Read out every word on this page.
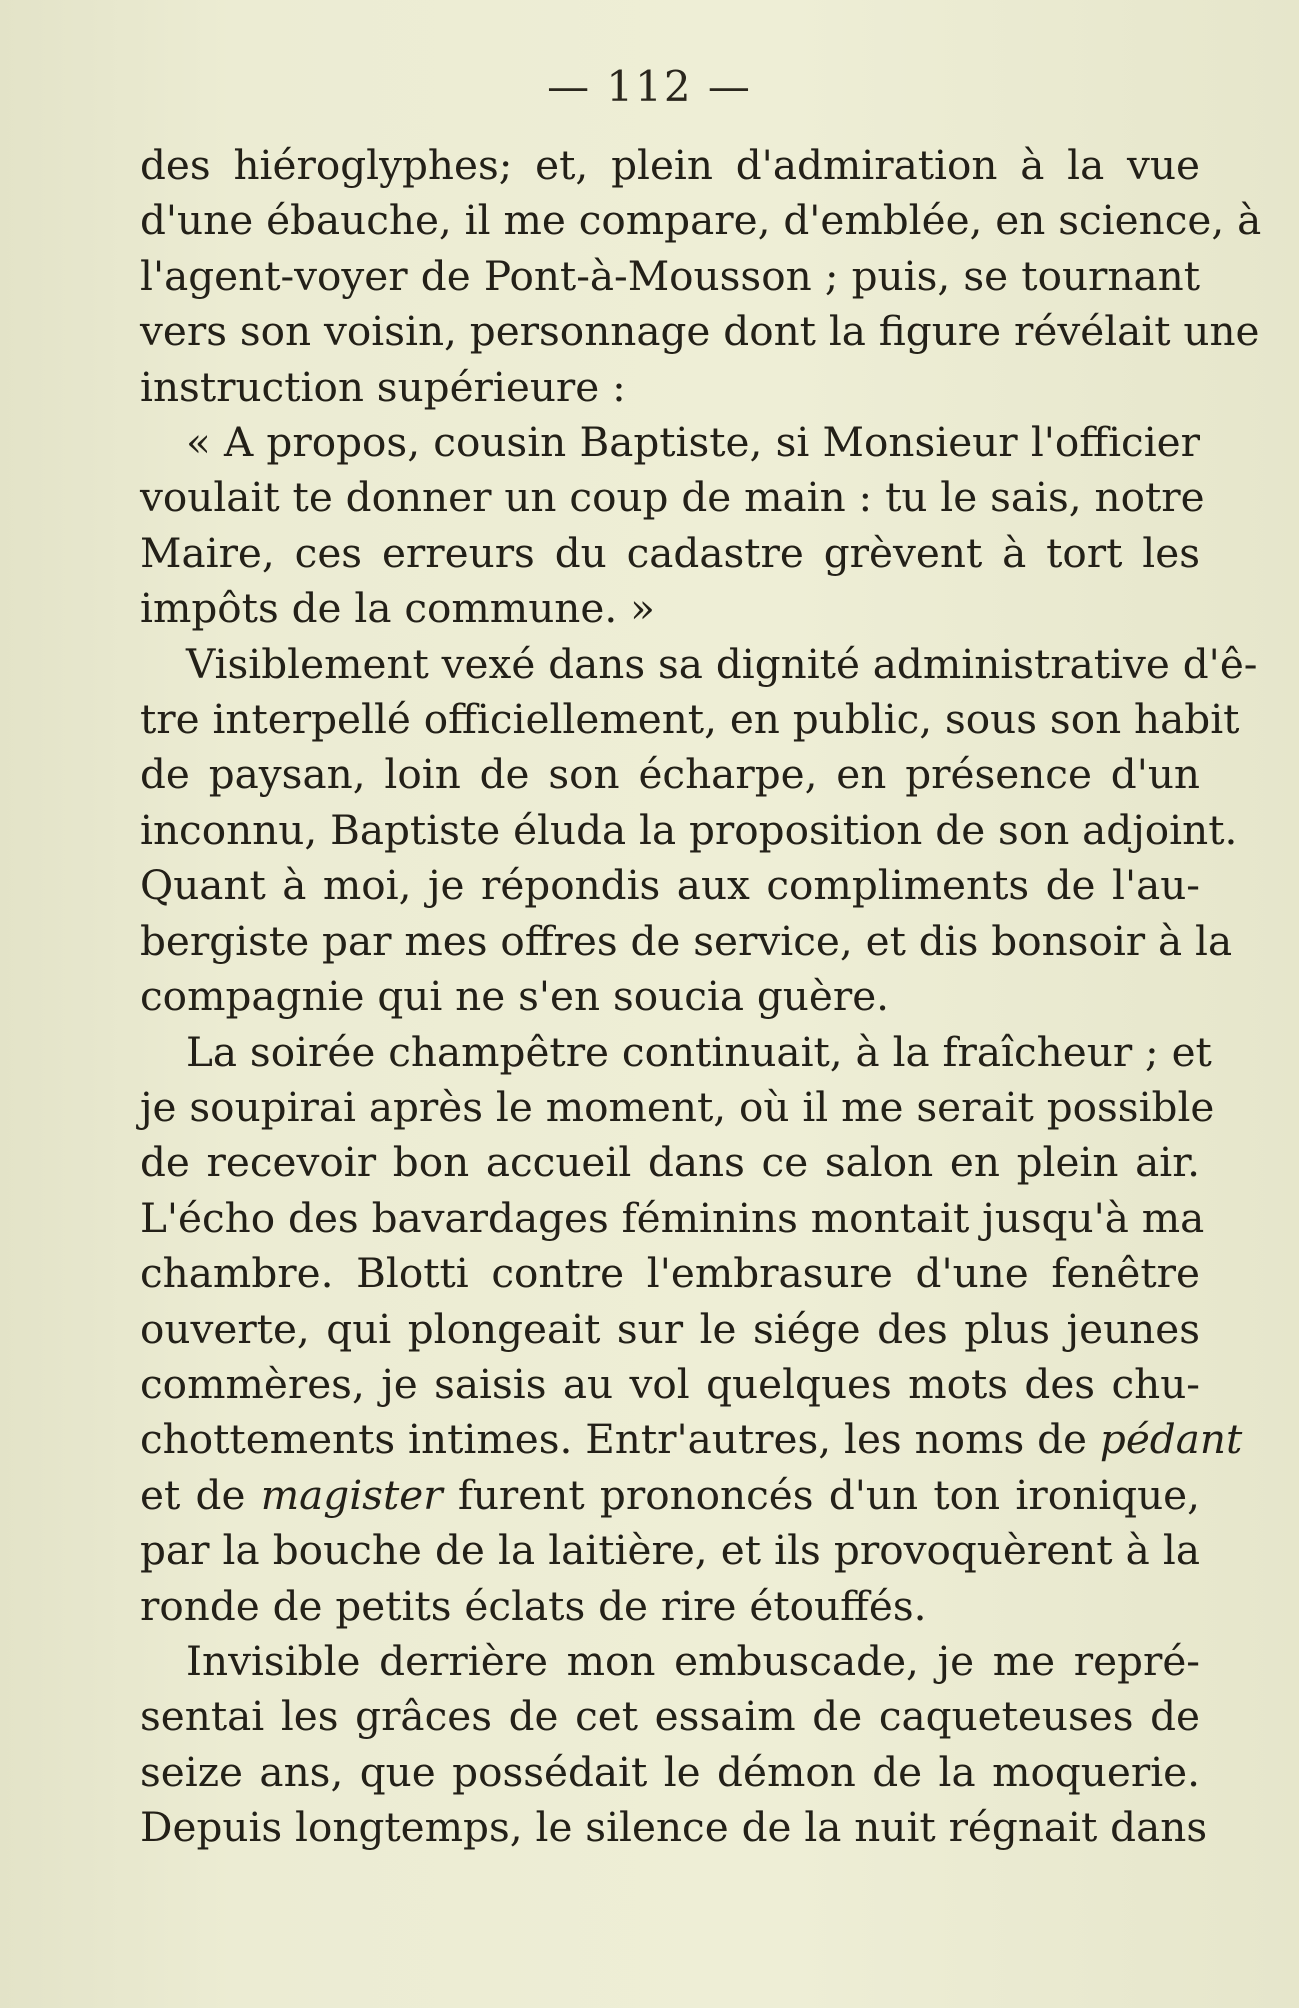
— 112 —
des hiéroglyphes; et, plein d'admiration à la vue
d'une ébauche, il me compare, d'emblée, en science, à
l'agent-voyer de Pont-à-Mousson ; puis, se tournant
vers son voisin, personnage dont la figure révélait une
instruction supérieure :
« A propos, cousin Baptiste, si Monsieur l'officier
voulait te donner un coup de main : tu le sais, notre
Maire, ces erreurs du cadastre grèvent à tort les
impôts de la commune. »
Visiblement vexé dans sa dignité administrative d'ê-
tre interpellé officiellement, en public, sous son habit
de paysan, loin de son écharpe, en présence d'un
inconnu, Baptiste éluda la proposition de son adjoint.
Quant à moi, je répondis aux compliments de l'au-
bergiste par mes offres de service, et dis bonsoir à la
compagnie qui ne s'en soucia guère.
La soirée champêtre continuait, à la fraîcheur ; et
je soupirai après le moment, où il me serait possible
de recevoir bon accueil dans ce salon en plein air.
L'écho des bavardages féminins montait jusqu'à ma
chambre. Blotti contre l'embrasure d'une fenêtre
ouverte, qui plongeait sur le siége des plus jeunes
commères, je saisis au vol quelques mots des chu-
chottements intimes. Entr'autres, les noms de pédant
et de magister furent prononcés d'un ton ironique,
par la bouche de la laitière, et ils provoquèrent à la
ronde de petits éclats de rire étouffés.
Invisible derrière mon embuscade, je me repré-
sentai les grâces de cet essaim de caqueteuses de
seize ans, que possédait le démon de la moquerie.
Depuis longtemps, le silence de la nuit régnait dans
